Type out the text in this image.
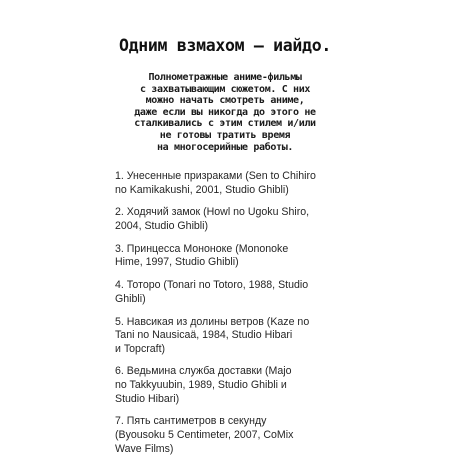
Одним взмахом – иайдо.
Полнометражные аниме-фильмы
с захватывающим сюжетом. С них
можно начать смотреть аниме,
даже если вы никогда до этого не
сталкивались с этим стилем и/или
не готовы тратить время
на многосерийные работы.
1. Унесенные призраками (Sen to Chihiro
no Kamikakushi, 2001, Studio Ghibli)
2. Ходячий замок (Howl no Ugoku Shiro,
2004, Studio Ghibli)
3. Принцесса Мононоке (Mononoke
Hime, 1997, Studio Ghibli)
4. Тоторо (Tonari no Totoro, 1988, Studio
Ghibli)
5. Навсикая из долины ветров (Kaze no
Tani no Nausicaä, 1984, Studio Hibari
и Topcraft)
6. Ведьмина служба доставки (Majo
no Takkyuubin, 1989, Studio Ghibli и
Studio Hibari)
7. Пять сантиметров в секунду
(Byousoku 5 Centimeter, 2007, CoMix
Wave Films)
